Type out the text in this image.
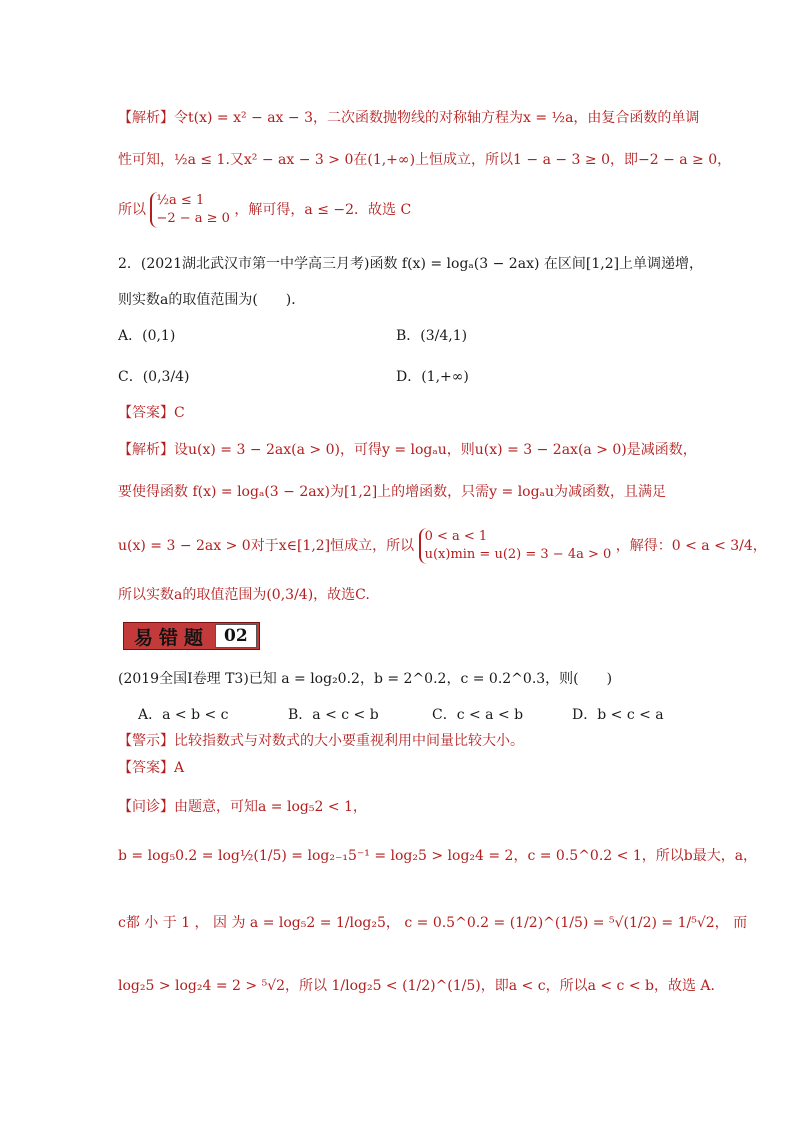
【解析】令t(x) = x² − ax − 3，二次函数抛物线的对称轴方程为x = ½a，由复合函数的单调
性可知，½a ≤ 1.又x² − ax − 3 > 0在(1,+∞)上恒成立，所以1 − a − 3 ≥ 0，即−2 − a ≥ 0，
所以
½a ≤ 1
−2 − a ≥ 0
，解可得，a ≤ −2．故选 C
2．(2021湖北武汉市第一中学高三月考)函数 f(x) = logₐ(3 − 2ax) 在区间[1,2]上单调递增，
则实数a的取值范围为(　　)．
A．(0,1)	B．(3/4,1)
C．(0,3/4)	D．(1,+∞)
【答案】C
【解析】设u(x) = 3 − 2ax(a > 0)，可得y = logₐu，则u(x) = 3 − 2ax(a > 0)是减函数，
要使得函数 f(x) = logₐ(3 − 2ax)为[1,2]上的增函数，只需y = logₐu为减函数，且满足
u(x) = 3 − 2ax > 0对于x∈[1,2]恒成立，所以
0 < a < 1
u(x)min = u(2) = 3 − 4a > 0
，解得：0 < a < 3/4，
所以实数a的取值范围为(0,3/4)，故选C.
易错题 02
(2019全国Ⅰ卷理 T3)已知 a = log₂0.2，b = 2^0.2，c = 0.2^0.3，则(　　)
A．a < b < c	B．a < c < b	C．c < a < b	D．b < c < a
【警示】比较指数式与对数式的大小要重视利用中间量比较大小。
【答案】A
【问诊】由题意，可知a = log₅2 < 1，
b = log₅0.2 = log½(1/5) = log₂₋₁5⁻¹ = log₂5 > log₂4 = 2，c = 0.5^0.2 < 1，所以b最大，a，
c都 小 于 1 ， 因 为 a = log₅2 = 1/log₂5， c = 0.5^0.2 = (1/2)^(1/5) = ⁵√(1/2) = 1/⁵√2， 而
log₂5 > log₂4 = 2 > ⁵√2，所以 1/log₂5 < (1/2)^(1/5)，即a < c，所以a < c < b，故选 A．
